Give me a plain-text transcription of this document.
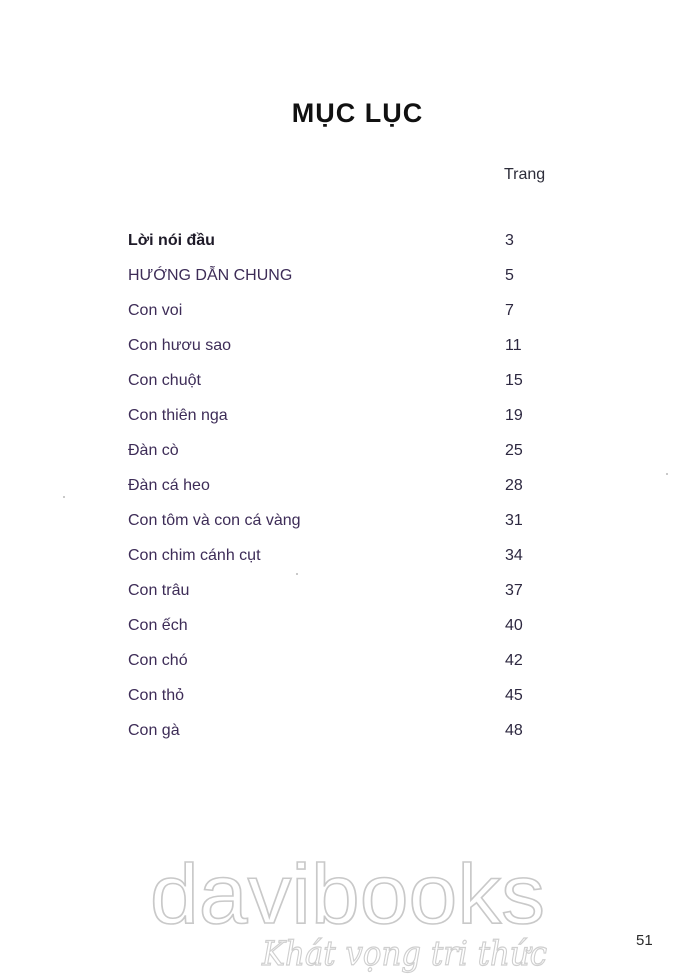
MỤC LỤC
Trang
Lời nói đầu	3
HƯỚNG DẪN CHUNG	5
Con voi	7
Con hươu sao	11
Con chuột	15
Con thiên nga	19
Đàn cò	25
Đàn cá heo	28
Con tôm và con cá vàng	31
Con chim cánh cụt	34
Con trâu	37
Con ếch	40
Con chó	42
Con thỏ	45
Con gà	48
davibooks
Khát vọng tri thức	51
